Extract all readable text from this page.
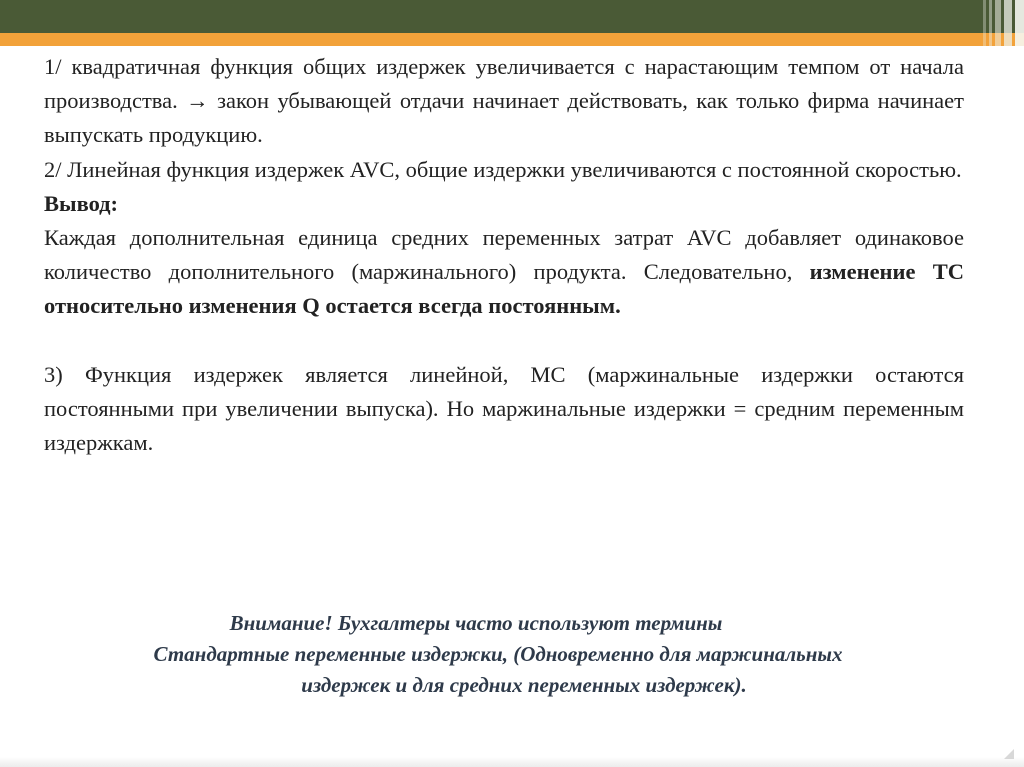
1/ квадратичная функция общих издержек увеличивается с нарастающим темпом от начала производства. → закон убывающей отдачи начинает действовать, как только фирма начинает выпускать продукцию.

2/ Линейная функция издержек AVC, общие издержки увеличиваются с постоянной скоростью.

Вывод:

Каждая дополнительная единица средних переменных затрат AVC добавляет одинаковое количество дополнительного (маржинального) продукта. Следовательно, изменение ТС относительно изменения Q остается всегда постоянным.

3) Функция издержек является линейной, МС (маржинальные издержки остаются постоянными при увеличении выпуска). Но маржинальные издержки = средним переменным издержкам.

Внимание! Бухгалтеры часто используют термины

Стандартные переменные издержки, (Одновременно для маржинальных

издержек и для средних переменных издержек).
